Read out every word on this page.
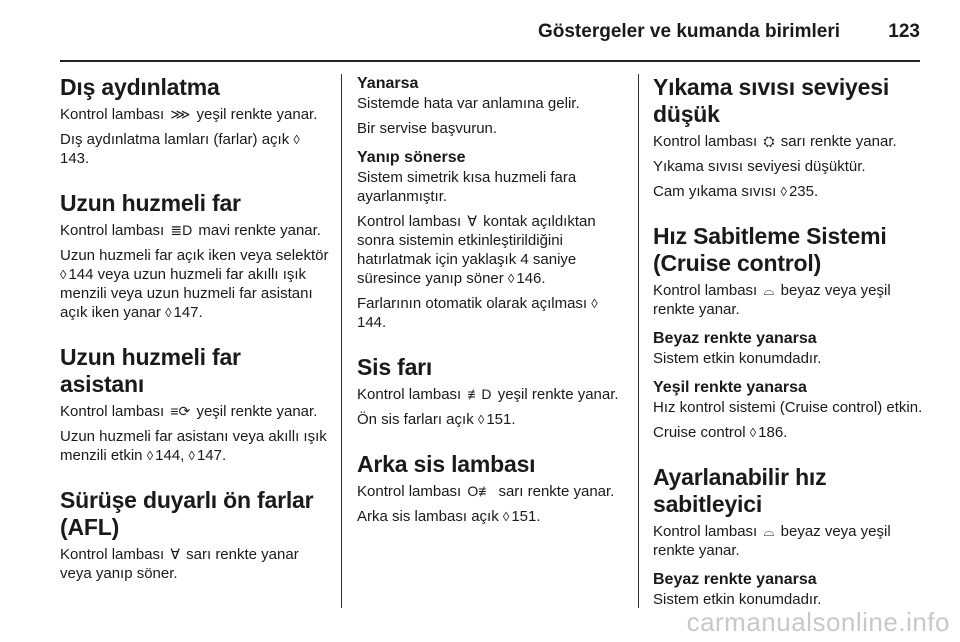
Göstergeler ve kumanda birimleri	123
Dış aydınlatma

Kontrol lambası ⋙ yeşil renkte yanar.

Dış aydınlatma lamları (farlar) açık ◊143.

Uzun huzmeli far

Kontrol lambası ≣D mavi renkte yanar.

Uzun huzmeli far açık iken veya selektör ◊ 144 veya uzun huzmeli far akıllı ışık menzili veya uzun huzmeli far asistanı açık iken yanar ◊ 147.

Uzun huzmeli far asistanı

Kontrol lambası ≡⟳ yeşil renkte yanar.

Uzun huzmeli far asistanı veya akıllı ışık menzili etkin ◊ 144, ◊ 147.

Sürüşe duyarlı ön farlar (AFL)

Kontrol lambası Ɐ sarı renkte yanar veya yanıp söner.

Yanarsa

Sistemde hata var anlamına gelir.

Bir servise başvurun.

Yanıp sönerse

Sistem simetrik kısa huzmeli fara ayarlanmıştır.

Kontrol lambası Ɐ kontak açıldıktan sonra sistemin etkinleştirildiğini hatırlatmak için yaklaşık 4 saniye süresince yanıp söner ◊ 146.

Farlarının otomatik olarak açılması ◊144.

Sis farı

Kontrol lambası ≢D yeşil renkte yanar.

Ön sis farları açık ◊ 151.

Arka sis lambası

Kontrol lambası O≢ sarı renkte yanar.

Arka sis lambası açık ◊ 151.

Yıkama sıvısı seviyesi düşük

Kontrol lambası ⛭ sarı renkte yanar.

Yıkama sıvısı seviyesi düşüktür.

Cam yıkama sıvısı ◊ 235.

Hız Sabitleme Sistemi (Cruise control)

Kontrol lambası ⌓ beyaz veya yeşil renkte yanar.

Beyaz renkte yanarsa

Sistem etkin konumdadır.

Yeşil renkte yanarsa

Hız kontrol sistemi (Cruise control) etkin.

Cruise control ◊ 186.

Ayarlanabilir hız sabitleyici

Kontrol lambası ⌓ beyaz veya yeşil renkte yanar.

Beyaz renkte yanarsa

Sistem etkin konumdadır.

carmanualsonline.info
